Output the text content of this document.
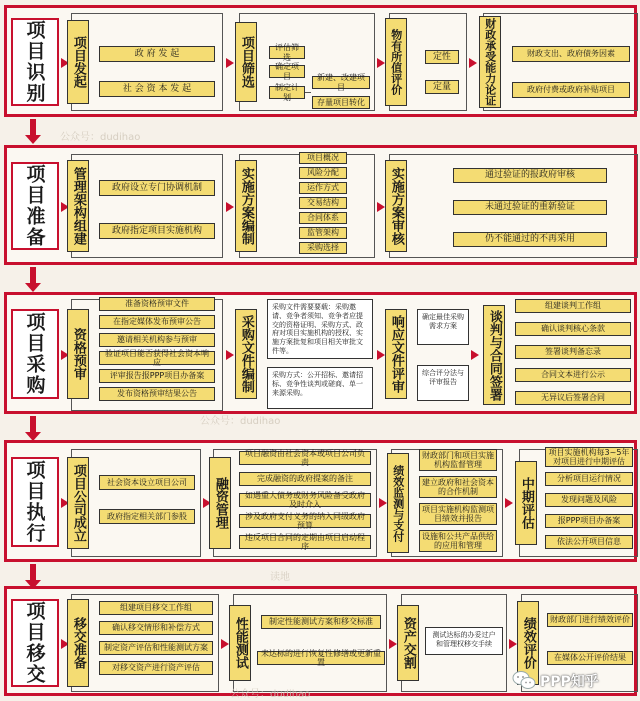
项目识别	项目发起	政 府 发 起
社 会 资 本 发 起
项目筛选	评估筛选
确定项目
制定计划
新建、改建项目
存量项目转化
物有所值评价	定性
定量	财政承受能力论证	财政支出、政府债务因素
政府付费或政府补贴项目
项目准备	管理架构组建	政府设立专门协调机制
政府指定项目实施机构	实施方案编制
项目概况
风险分配
运作方式
交易结构
合同体系
监管架构
采购选择
实施方案审核	通过验证的报政府审核
未通过验证的重新验证
仍不能通过的不再采用
项目采购	资格预审
准备资格预审文件
在指定媒体发布预审公告
邀请相关机构参与预审
验证项目能否获得社会资本响应
评审报告报PPP项目办备案
发布资格预审结果公告
采购文件编制
采购文件需要要载：采购邀请、竞争者须知、竞争者应提交的资格证明、采购方式、政府对项目实施机构的授权、实施方案批复和项目相关审批文件等。
采购方式：公开招标、邀请招标、竞争性谈判或磋商、单一来源采购。	响应文件评审	确定最佳采购需求方案
综合评分法与评审报告	谈判与合同签署
组建谈判工作组
确认谈判核心条款
签署谈判备忘录
合同文本进行公示
无异议后签署合同
项目执行	项目公司成立	社会资本设立项目公司
政府指定相关部门参股	融资管理
项目融资由社会资本或项目公司负责
完成融资的政府提案的备注
如遇重大债务或财务风险备受政府及时介入
涉及政府支付义务的纳入同级政府预算
违反项目合同的定期由项目启动程序
绩效监测与支付
财政部门和项目实施机构监督管理
建立政府和社会资本的合作机制
项目实施机构监测项目绩效并报告
设施和公共产品供给的应用和管理
中期评估
项目实施机构每3~5年对项目进行中期评估
分析项目运行情况
发现问题及风险
报PPP项目办备案
依法公开项目信息
项目移交	移交准备
组建项目移交工作组
确认移交情形和补偿方式
制定资产评估和性能测试方案
对移交资产进行资产评估	性能测试	制定性能测试方案和移交标准
未达标的进行恢复性修缮或更新重置	资产交割	测试达标的办妥过户和管理权移交手续	绩效评价	财政部门进行绩效评价
在媒体公开评价结果
PPP知乎
公众号：dudihao
公众号：dudihao
公众号：dudihao
读地
